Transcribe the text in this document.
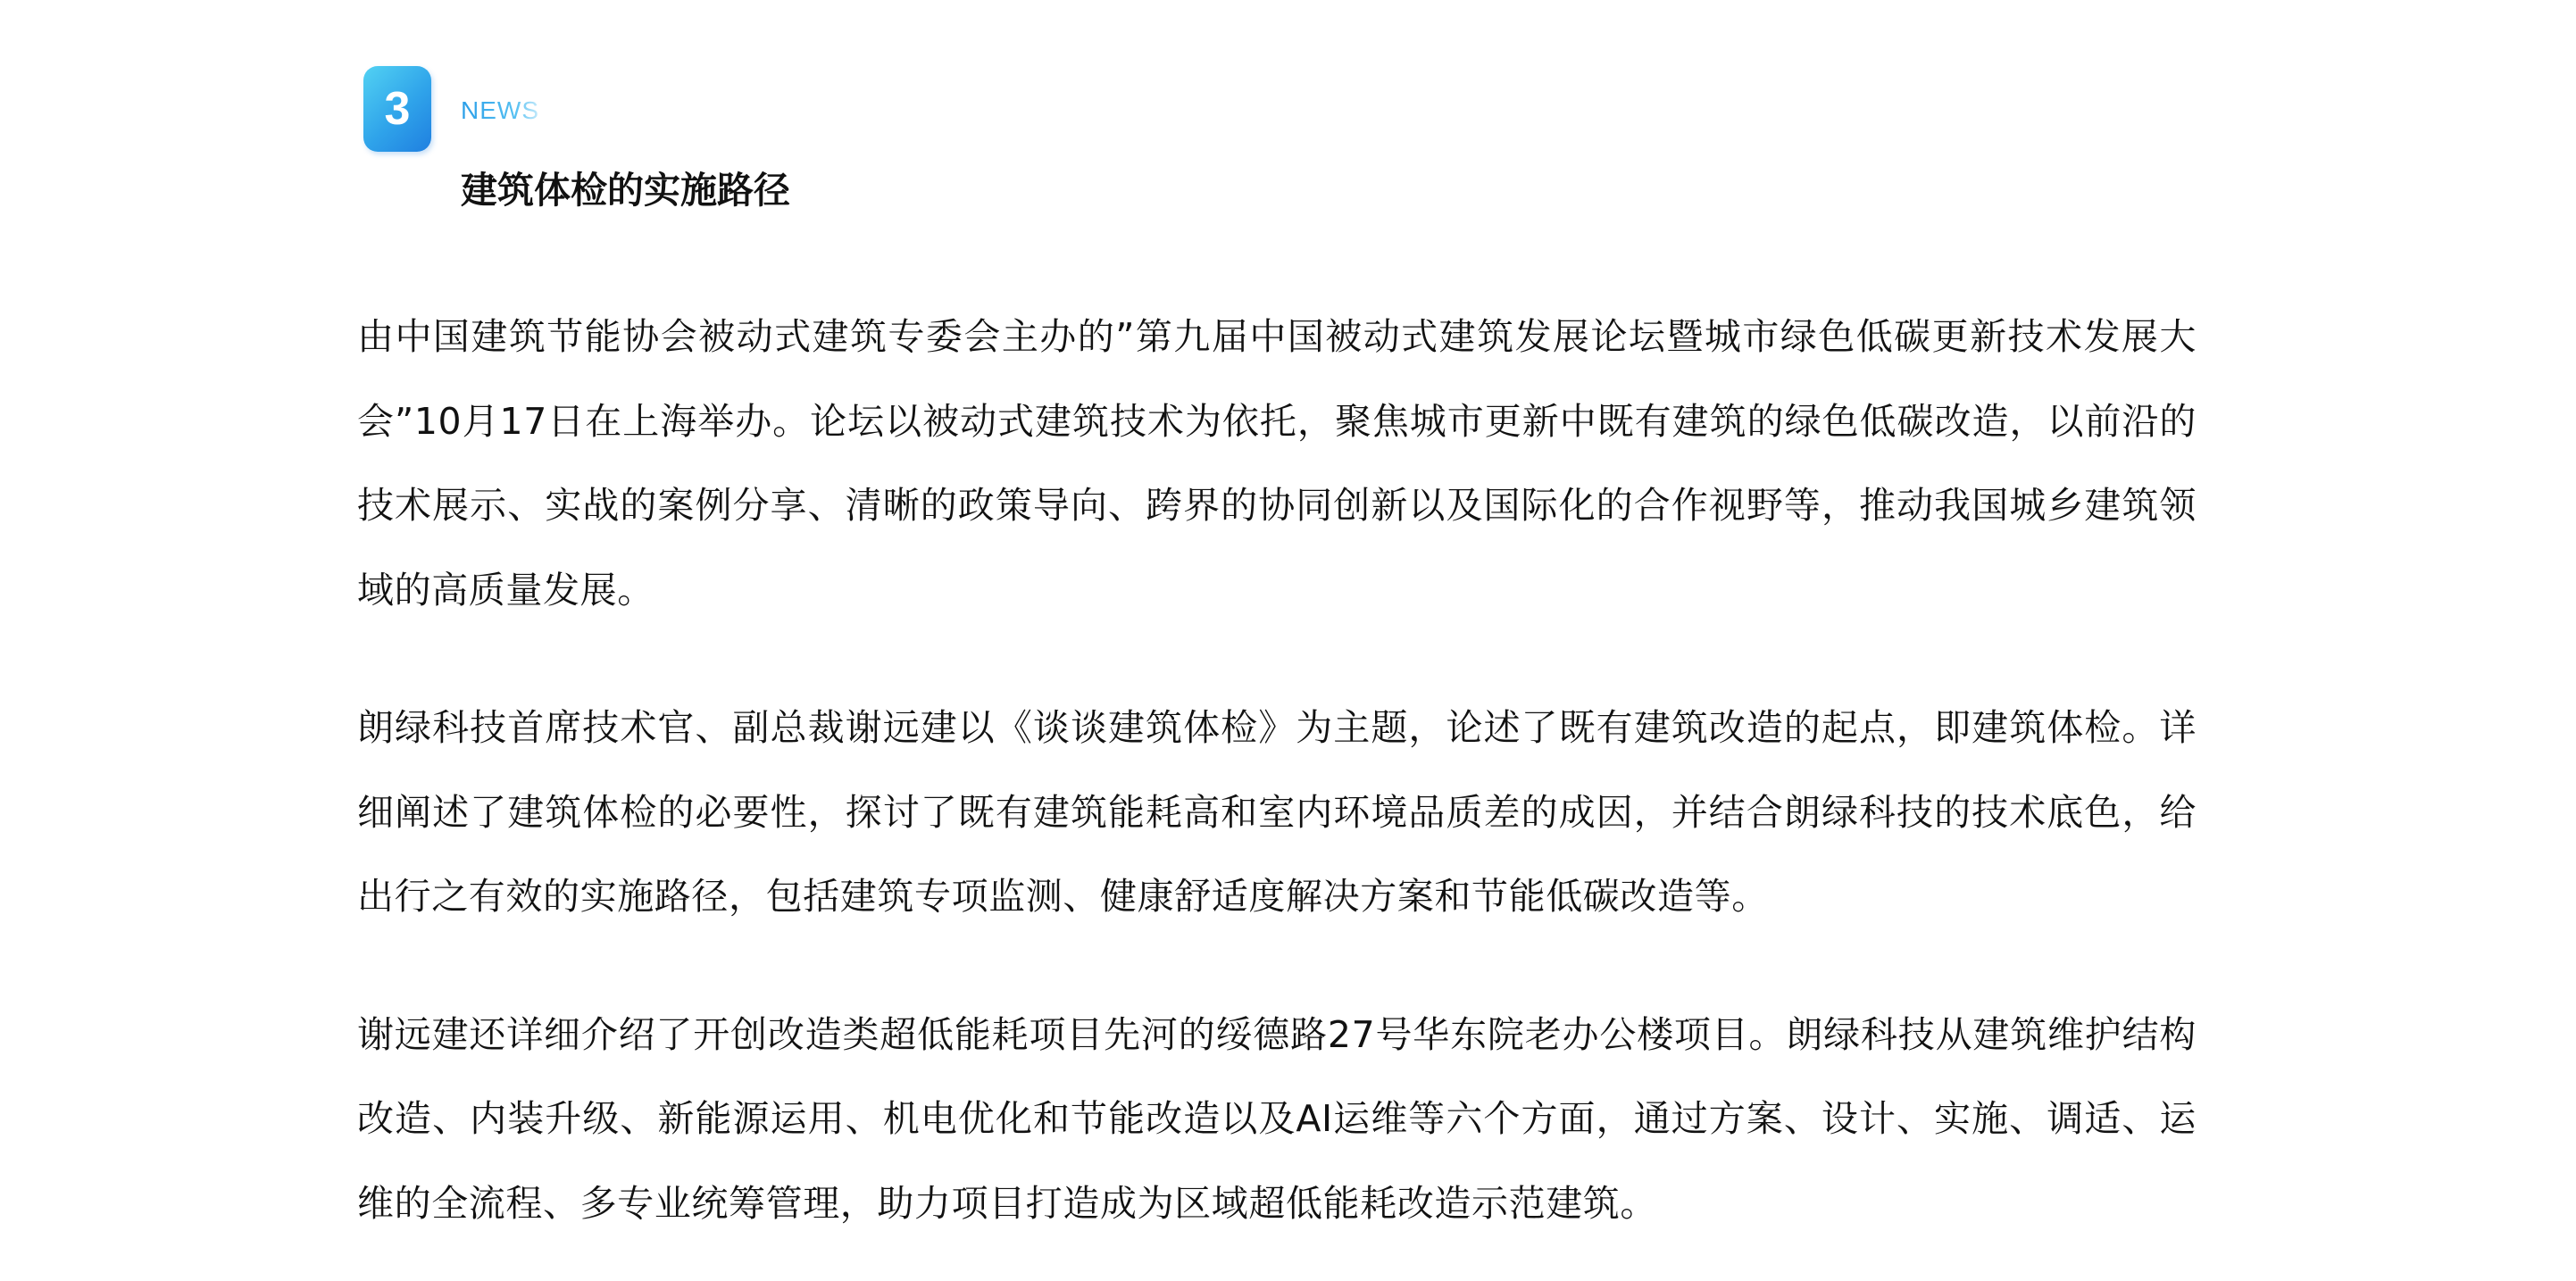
3	NEWS
建筑体检的实施路径

由中国建筑节能协会被动式建筑专委会主办的”第九届中国被动式建筑发展论坛暨城市绿色低碳更新技术发展大会”10月17日在上海举办。论坛以被动式建筑技术为依托，聚焦城市更新中既有建筑的绿色低碳改造，以前沿的技术展示、实战的案例分享、清晰的政策导向、跨界的协同创新以及国际化的合作视野等，推动我国城乡建筑领域的高质量发展。

朗绿科技首席技术官、副总裁谢远建以《谈谈建筑体检》为主题，论述了既有建筑改造的起点，即建筑体检。详细阐述了建筑体检的必要性，探讨了既有建筑能耗高和室内环境品质差的成因，并结合朗绿科技的技术底色，给出行之有效的实施路径，包括建筑专项监测、健康舒适度解决方案和节能低碳改造等。

谢远建还详细介绍了开创改造类超低能耗项目先河的绥德路27号华东院老办公楼项目。朗绿科技从建筑维护结构改造、内装升级、新能源运用、机电优化和节能改造以及AI运维等六个方面，通过方案、设计、实施、调适、运维的全流程、多专业统筹管理，助力项目打造成为区域超低能耗改造示范建筑。
